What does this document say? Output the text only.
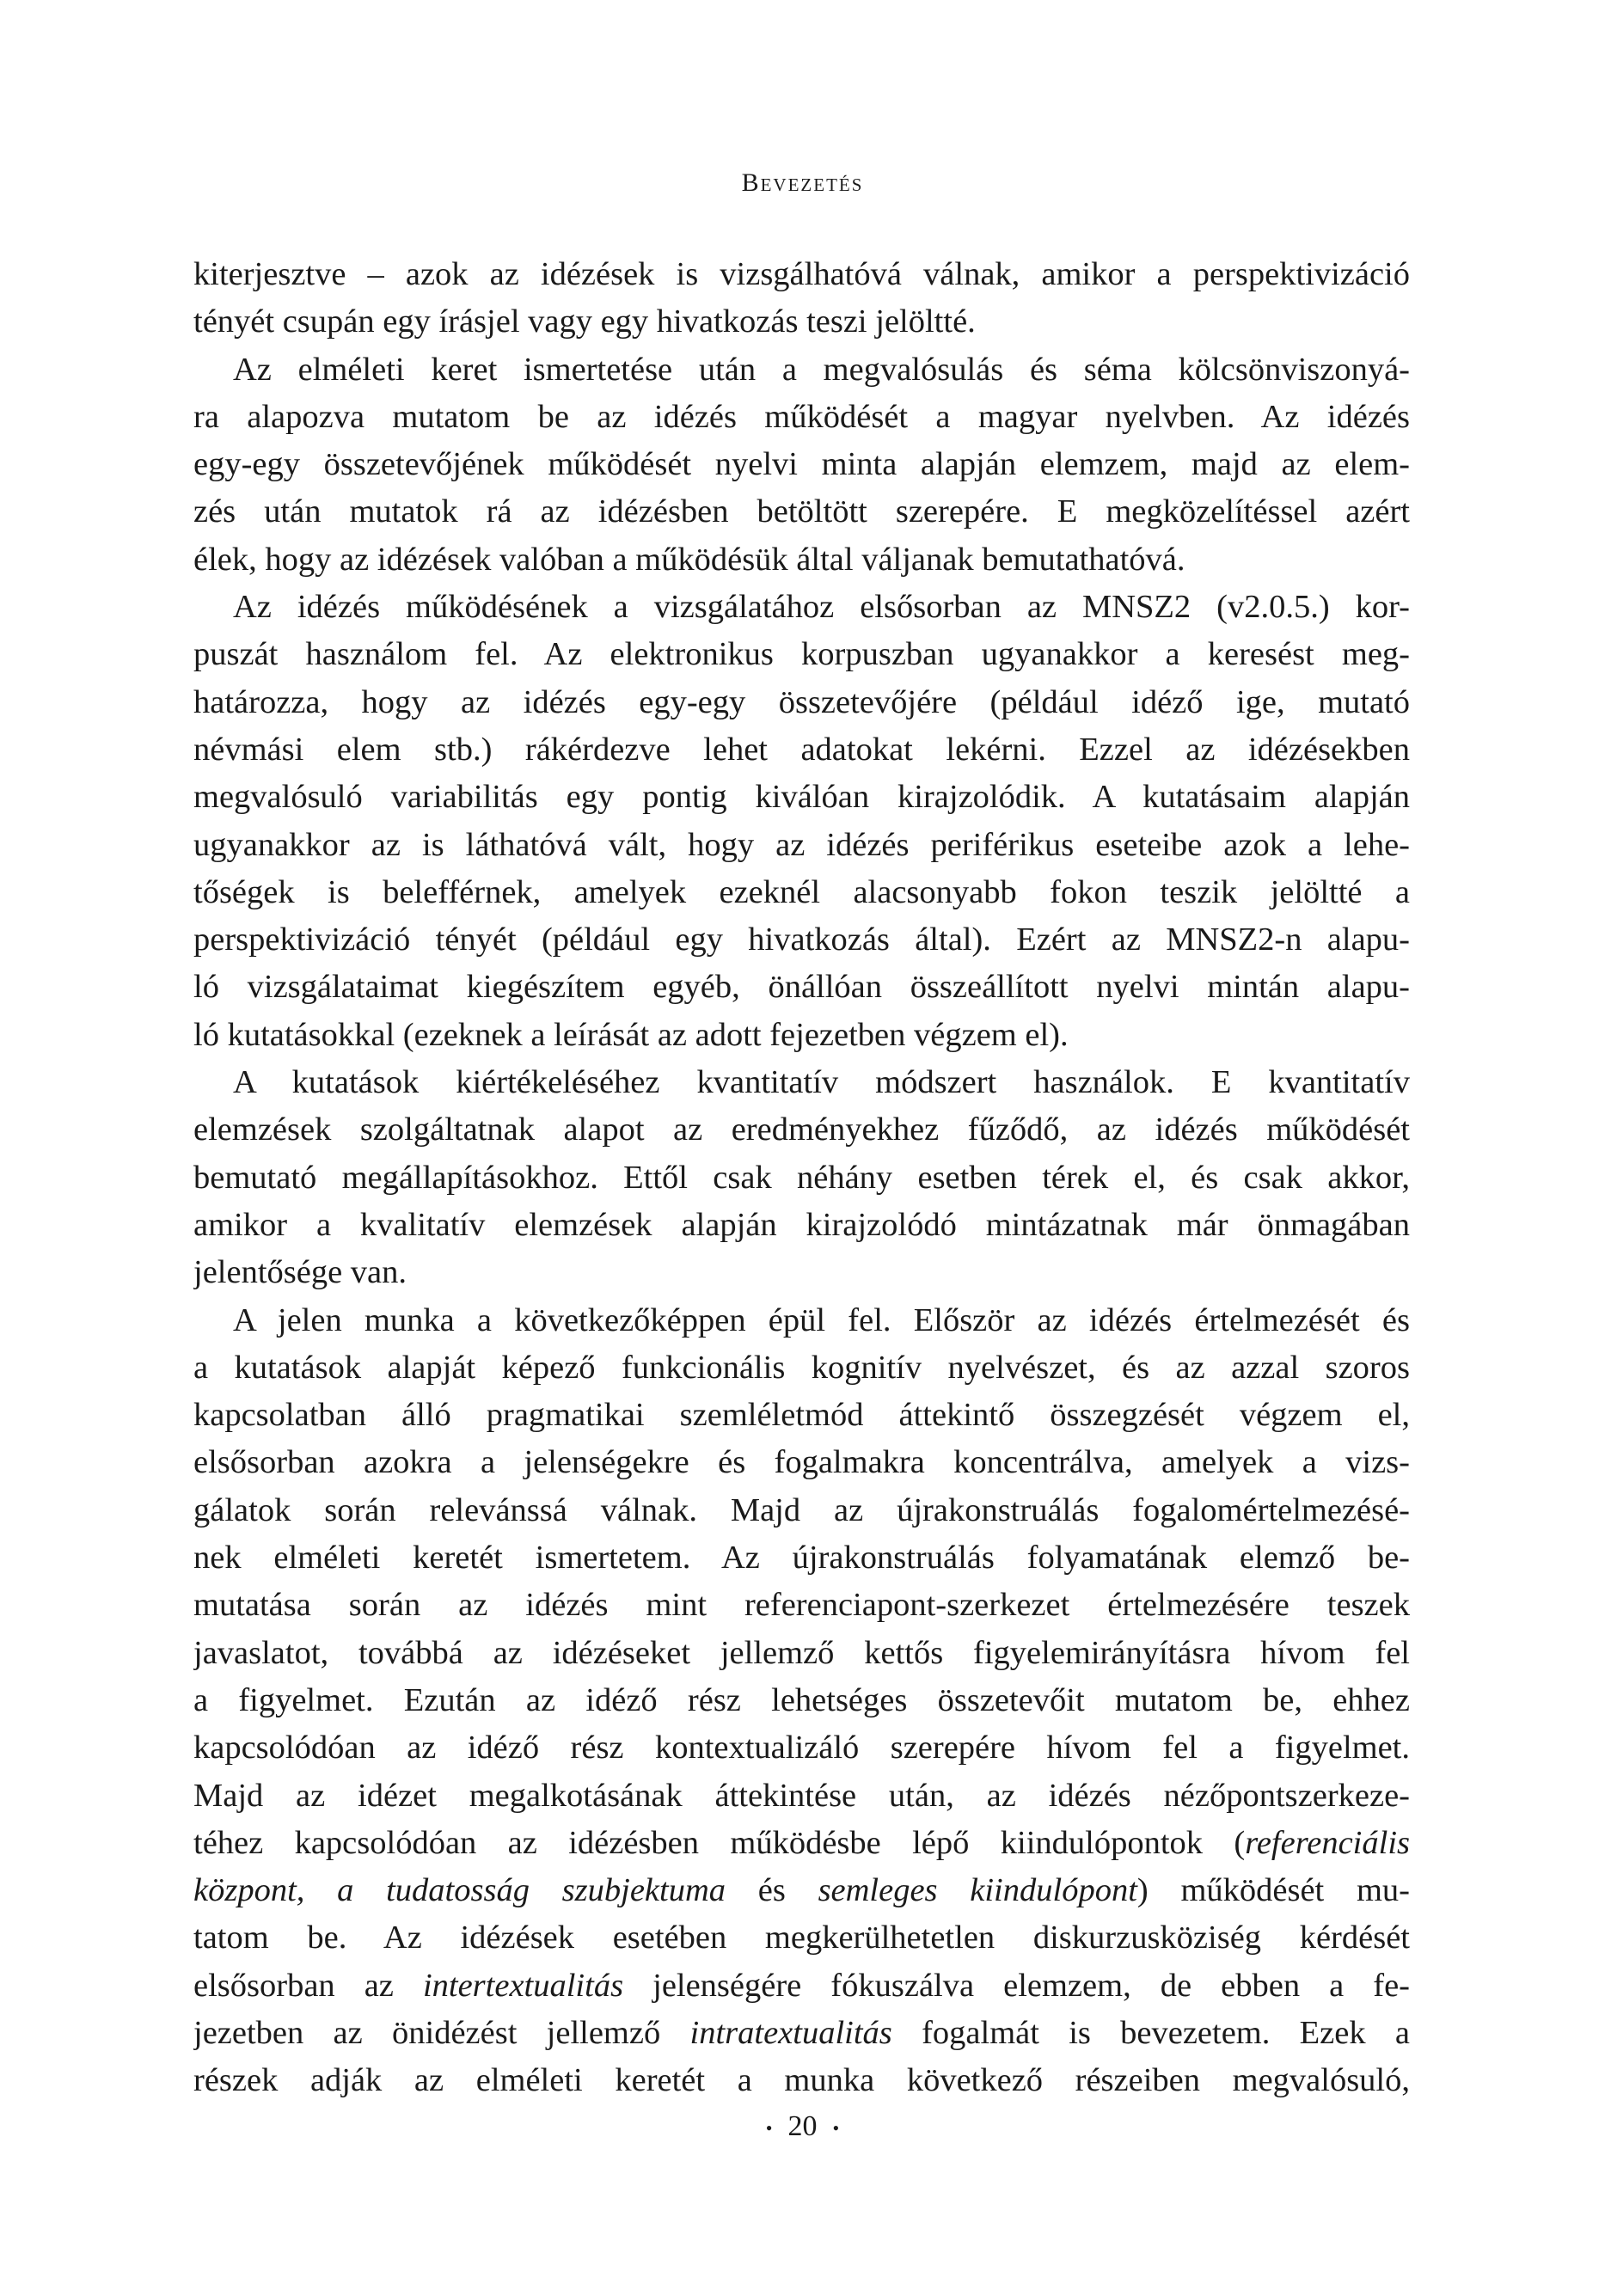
Bevezetés
kiterjesztve – azok az idézések is vizsgálhatóvá válnak, amikor a perspektivizáció
tényét csupán egy írásjel vagy egy hivatkozás teszi jelöltté.
Az elméleti keret ismertetése után a megvalósulás és séma kölcsönviszonyá-
ra alapozva mutatom be az idézés működését a magyar nyelvben. Az idézés
egy-egy összetevőjének működését nyelvi minta alapján elemzem, majd az elem-
zés után mutatok rá az idézésben betöltött szerepére. E megközelítéssel azért
élek, hogy az idézések valóban a működésük által váljanak bemutathatóvá.
Az idézés működésének a vizsgálatához elsősorban az MNSZ2 (v2.0.5.) kor-
puszát használom fel. Az elektronikus korpuszban ugyanakkor a keresést meg-
határozza, hogy az idézés egy-egy összetevőjére (például idéző ige, mutató
névmási elem stb.) rákérdezve lehet adatokat lekérni. Ezzel az idézésekben
megvalósuló variabilitás egy pontig kiválóan kirajzolódik. A kutatásaim alapján
ugyanakkor az is láthatóvá vált, hogy az idézés periférikus eseteibe azok a lehe-
tőségek is belefférnek, amelyek ezeknél alacsonyabb fokon teszik jelöltté a
perspektivizáció tényét (például egy hivatkozás által). Ezért az MNSZ2-n alapu-
ló vizsgálataimat kiegészítem egyéb, önállóan összeállított nyelvi mintán alapu-
ló kutatásokkal (ezeknek a leírását az adott fejezetben végzem el).
A kutatások kiértékeléséhez kvantitatív módszert használok. E kvantitatív
elemzések szolgáltatnak alapot az eredményekhez fűződő, az idézés működését
bemutató megállapításokhoz. Ettől csak néhány esetben térek el, és csak akkor,
amikor a kvalitatív elemzések alapján kirajzolódó mintázatnak már önmagában
jelentősége van.
A jelen munka a következőképpen épül fel. Először az idézés értelmezését és
a kutatások alapját képező funkcionális kognitív nyelvészet, és az azzal szoros
kapcsolatban álló pragmatikai szemléletmód áttekintő összegzését végzem el,
elsősorban azokra a jelenségekre és fogalmakra koncentrálva, amelyek a vizs-
gálatok során relevánssá válnak. Majd az újrakonstruálás fogalomértelmezésé-
nek elméleti keretét ismertetem. Az újrakonstruálás folyamatának elemző be-
mutatása során az idézés mint referenciapont-szerkezet értelmezésére teszek
javaslatot, továbbá az idézéseket jellemző kettős figyelemirányításra hívom fel
a figyelmet. Ezután az idéző rész lehetséges összetevőit mutatom be, ehhez
kapcsolódóan az idéző rész kontextualizáló szerepére hívom fel a figyelmet.
Majd az idézet megalkotásának áttekintése után, az idézés nézőpontszerkeze-
téhez kapcsolódóan az idézésben működésbe lépő kiindulópontok (referenciális
központ, a tudatosság szubjektuma és semleges kiindulópont) működését mu-
tatom be. Az idézések esetében megkerülhetetlen diskurzusköziség kérdését
elsősorban az intertextualitás jelenségére fókuszálva elemzem, de ebben a fe-
jezetben az önidézést jellemző intratextualitás fogalmát is bevezetem. Ezek a
részek adják az elméleti keretét a munka következő részeiben megvalósuló,
• 20 •
